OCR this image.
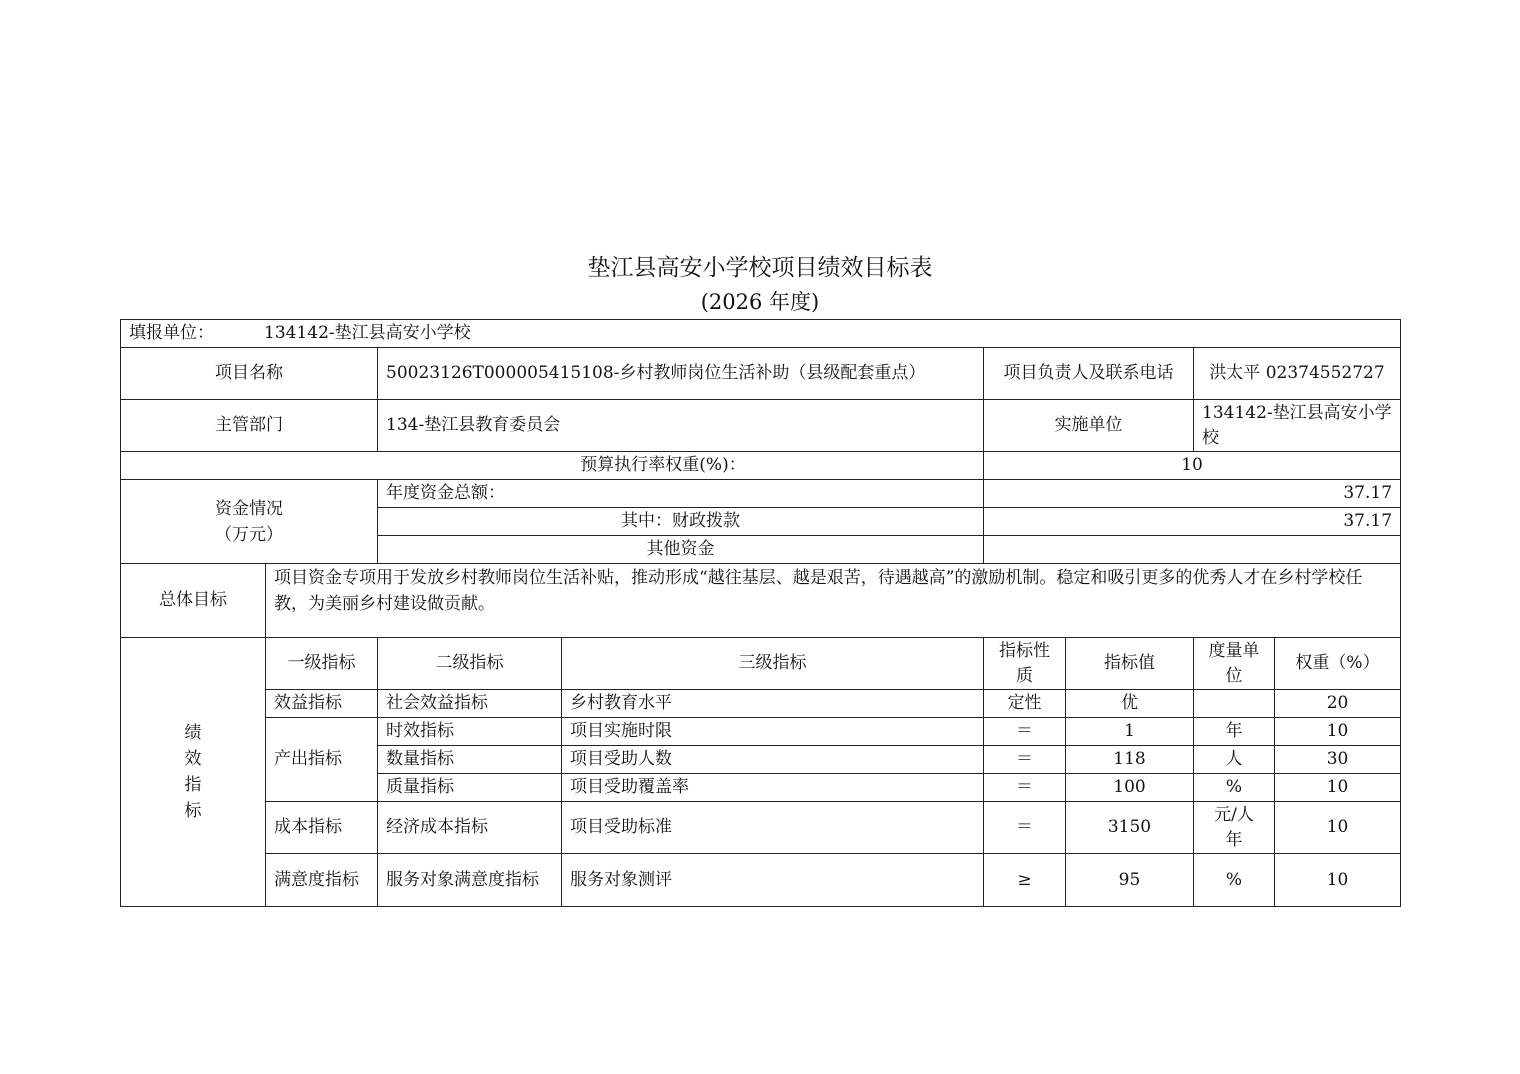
垫江县高安小学校项目绩效目标表
(2026 年度)
填报单位： 134142-垫江县高安小学校							
项目名称		50023126T000005415108-乡村教师岗位生活补助（县级配套重点）		项目负责人及联系电话		洪太平 02374552727	
主管部门		134-垫江县教育委员会		实施单位		134142-垫江县高安小学校	
预算执行率权重(%)：				10			

资金情况（万元）		年度资金总额：		37.17			
		其中：财政拨款		37.17			
		其他资金					
总体目标	项目资金专项用于发放乡村教师岗位生活补贴，推动形成“越往基层、越是艰苦，待遇越高”的激励机制。稳定和吸引更多的优秀人才在乡村学校任教，为美丽乡村建设做贡献。						

绩效指标	一级指标	二级指标	三级指标	指标性质	指标值	度量单位	权重（%）
	效益指标	社会效益指标	乡村教育水平	定性	优		20
	产出指标	时效指标	项目实施时限	＝	1	年	10
		数量指标	项目受助人数	＝	118	人	30
		质量指标	项目受助覆盖率	＝	100	%	10
	成本指标	经济成本指标	项目受助标准	＝	3150	元/人年	10
	满意度指标	服务对象满意度指标	服务对象测评	≥	95	%	10
